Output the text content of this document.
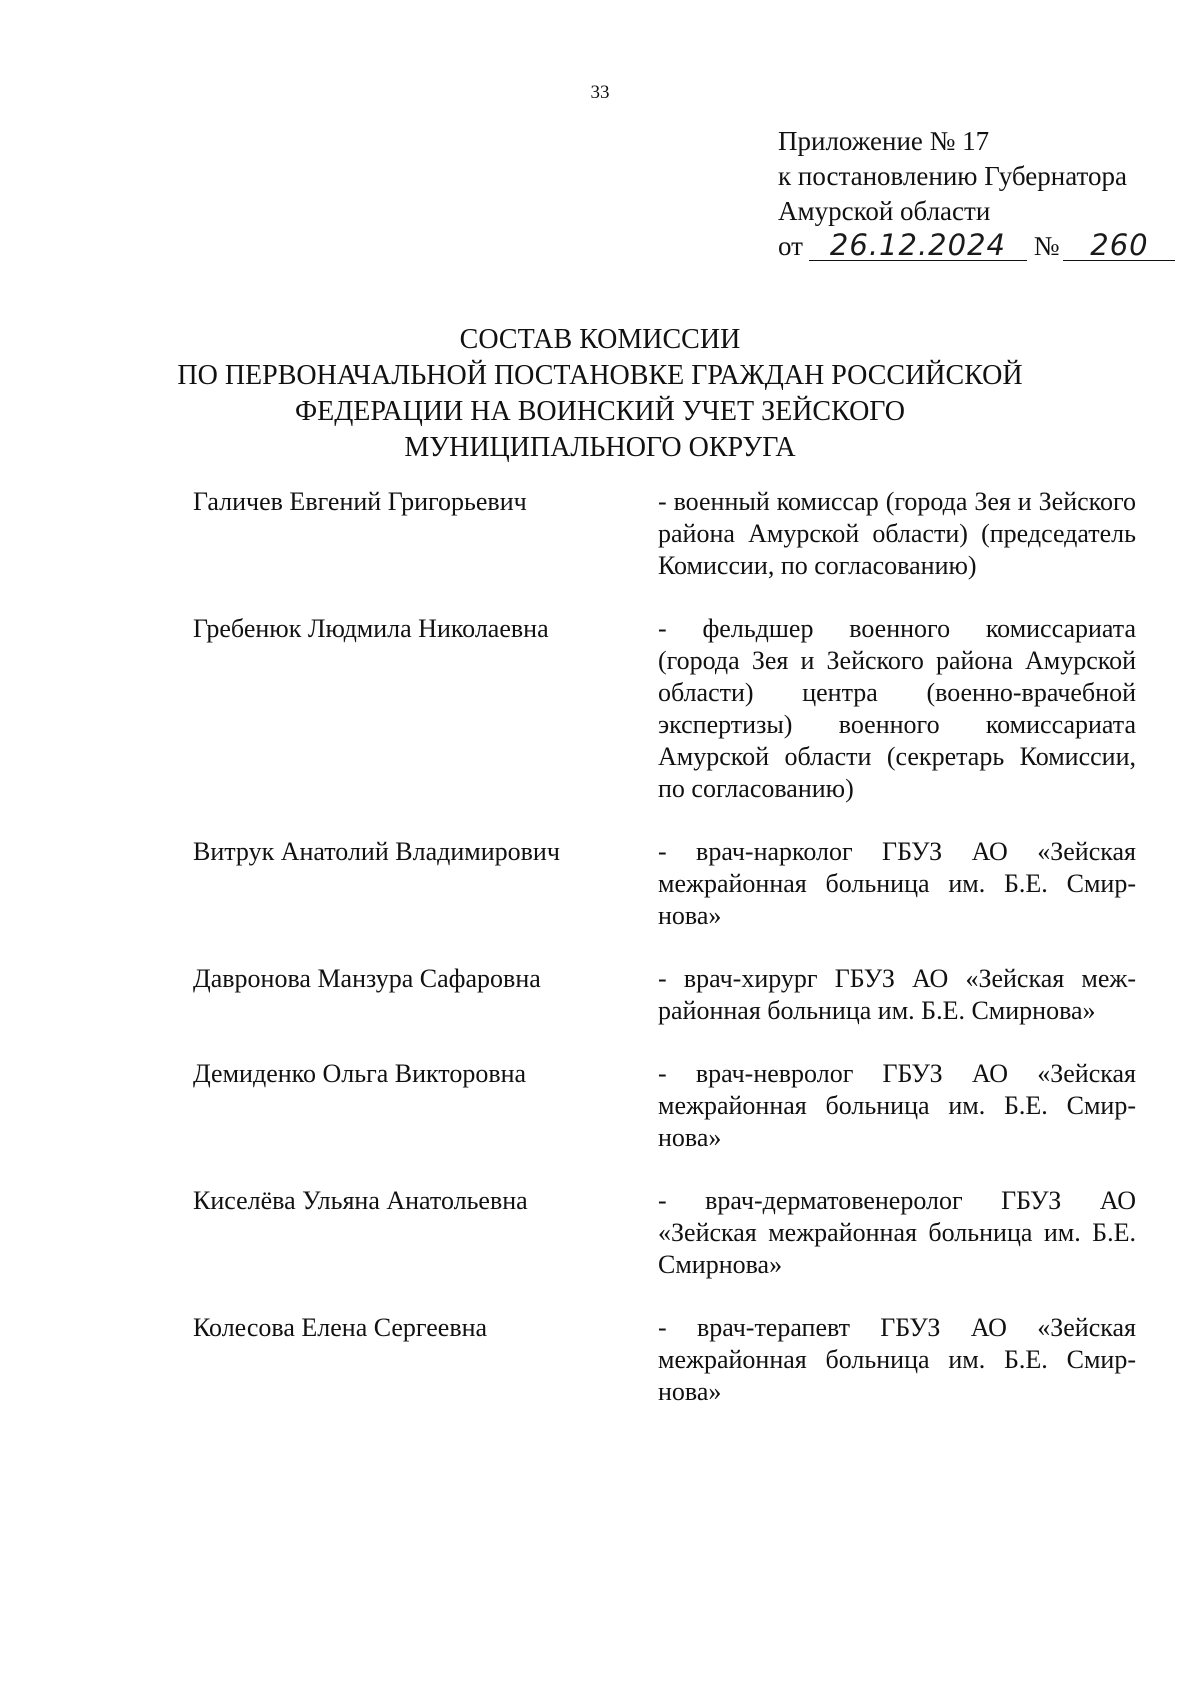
33
Приложение № 17
к постановлению Губернатора
Амурской области
от 26.12.2024 № 260
СОСТАВ КОМИССИИ
ПО ПЕРВОНАЧАЛЬНОЙ ПОСТАНОВКЕ ГРАЖДАН РОССИЙСКОЙ
ФЕДЕРАЦИИ НА ВОИНСКИЙ УЧЕТ ЗЕЙСКОГО
МУНИЦИПАЛЬНОГО ОКРУГА
Галичев Евгений Григорьевич	- военный комиссар (города Зея и Зейского района Амурской области) (председатель Комиссии, по согласованию)
Гребенюк Людмила Николаевна	- фельдшер военного комиссариата (города Зея и Зейского района Амурской области) центра (военно-врачебной экспертизы) военного комиссариата Амурской области (секретарь Комиссии, по согласованию)
Витрук Анатолий Владимирович	- врач-нарколог ГБУЗ АО «Зейская межрайонная больница им. Б.Е. Смирнова»
Давронова Манзура Сафаровна	- врач-хирург ГБУЗ АО «Зейская межрайонная больница им. Б.Е. Смирнова»
Демиденко Ольга Викторовна	- врач-невролог ГБУЗ АО «Зейская межрайонная больница им. Б.Е. Смирнова»
Киселёва Ульяна Анатольевна	- врач-дерматовенеролог ГБУЗ АО «Зейская межрайонная больница им. Б.Е. Смирнова»
Колесова Елена Сергеевна	- врач-терапевт ГБУЗ АО «Зейская межрайонная больница им. Б.Е. Смирнова»
